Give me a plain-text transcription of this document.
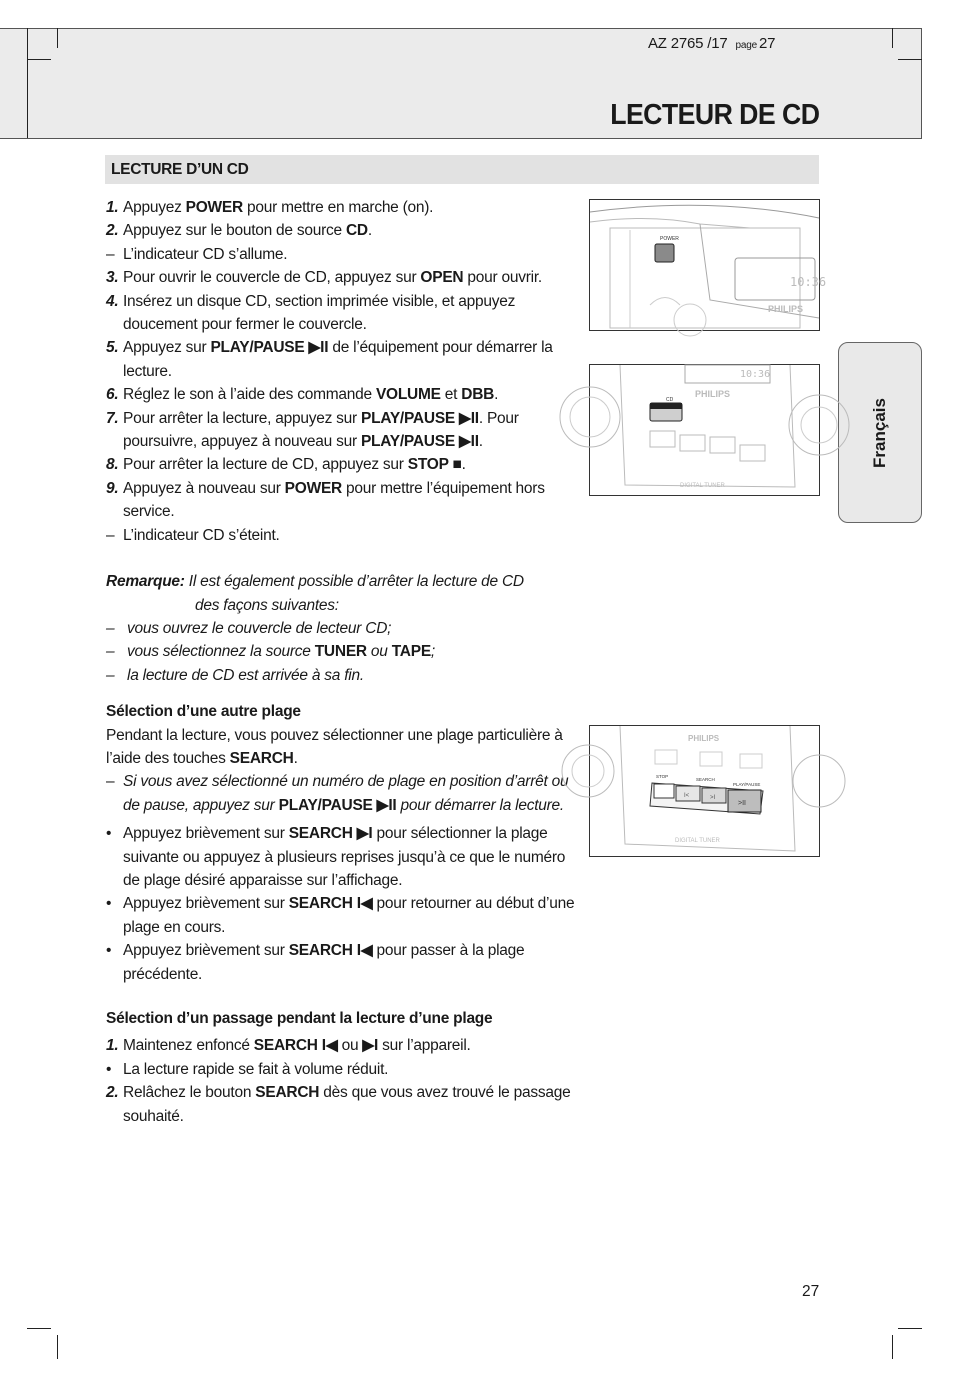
AZ 2765 /17 page 27
LECTEUR DE CD
LECTURE D’UN CD
Français
1. Appuyez POWER pour mettre en marche (on).
2. Appuyez sur le bouton de source CD.
– L’indicateur CD s’allume.
3. Pour ouvrir le couvercle de CD, appuyez sur OPEN pour ouvrir.
4. Insérez un disque CD, section imprimée visible, et appuyez doucement pour fermer le couvercle.
5. Appuyez sur PLAY/PAUSE ▶II de l’équipement pour démarrer la lecture.
6. Réglez le son à l’aide des commande VOLUME et DBB.
7. Pour arrêter la lecture, appuyez sur PLAY/PAUSE ▶II. Pour poursuivre, appuyez à nouveau sur PLAY/PAUSE ▶II.
8. Pour arrêter la lecture de CD, appuyez sur STOP ■.
9. Appuyez à nouveau sur POWER pour mettre l’équipement hors service.
– L’indicateur CD s’éteint.
Remarque: Il est également possible d’arrêter la lecture de CD
des façons suivantes:
– vous ouvrez le couvercle de lecteur CD;
– vous sélectionnez la source TUNER ou TAPE;
– la lecture de CD est arrivée à sa fin.
Sélection d’une autre plage
Pendant la lecture, vous pouvez sélectionner une plage particulière à l’aide des touches SEARCH.
– Si vous avez sélectionné un numéro de plage en position d’arrêt ou de pause, appuyez sur PLAY/PAUSE ▶II pour démarrer la lecture.
• Appuyez brièvement sur SEARCH ▶I pour sélectionner la plage suivante ou appuyez à plusieurs reprises jusqu’à ce que le numéro de plage désiré apparaisse sur l’affichage.
• Appuyez brièvement sur SEARCH I◀ pour retourner au début d’une plage en cours.
• Appuyez brièvement sur SEARCH I◀ pour passer à la plage précédente.
Sélection d’un passage pendant la lecture d’une plage
1. Maintenez enfoncé SEARCH I◀ ou ▶I sur l’appareil.
• La lecture rapide se fait à volume réduit.
2. Relâchez le bouton SEARCH dès que vous avez trouvé le passage souhaité.
10:36
PHILIPS
POWER
10:36
PHILIPS
CD
DIGITAL TUNER
PHILIPS
STOP
SEARCH
PLAY/PAUSE
I<	>I
>II
DIGITAL TUNER
27
